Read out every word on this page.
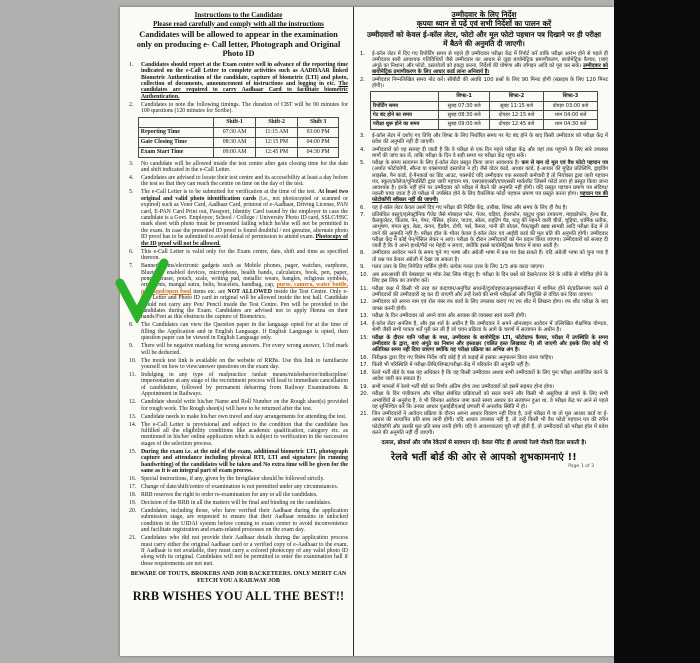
Instructions to the Candidate
Please read carefully and comply with all the instructions
Candidates will be allowed to appear in the examination only on producing e- Call letter, Photograph and Original Photo ID
1.	Candidates should report at the Exam centre well in advance of the reporting time indicated on the e-Call Letter to complete activities such as AADHAAR linked Biometric Authentication of the candidate, capture of biometric (LTI) and photo, collection of documents, announcement of instructions and logging in etc. The candidates are required to carry Aadhaar Card to facilitate biometric Authentication.
2.	Candidates to note the following timings. The duration of CBT will be 90 minutes for 100 questions (120 minutes for Scribe).
	Shift-1	Shift-2	Shift 3
Reporting Time	07:30 AM	11:15 AM	03:00 PM
Gate Closing Time	08:30 AM	12:15 PM	04:00 PM
Exam Start Time	09:00 AM	12:45 PM	04:30 PM
3.	No candidate will be allowed inside the test centre after gate closing time for the date and shift indicated in the e-Call Letter.
4.	Candidates are advised to locate their test centre and its accessibility at least a day before the test so that they can reach the centre on time on the day of the test.
5.	The e-Call Letter is to be submitted for verification at the time of the test. At least two original and valid photo identification cards (i.e., not photocopied or scanned or expired) such as Voter Card, Aadhaar Card, printout of e-Aadhaar, Driving License, PAN card, E-PAN Card Print out, Passport, Identity Card issued by the employer in case the candidate is a Govt. Employee, School / College / University Photo ID card, SSLC/HSC mark sheet with photo must be presented failing which he/she will not be permitted in the exam. In case the presented ID proof is found doubtful / not genuine, alternate photo ID proof has to be submitted to avoid denial of permission to attend exam. Photocopy of the ID proof will not be allowed.
6.	This e-Call Letter is valid only for the Exam centre, date, shift and time as specified thereon.
7.	Banned items/electronic gadgets such as Mobile phones, pager, watches, earphone, Bluetooth enabled devices, microphone, health bands, calculators, book, pen, paper, pencil, eraser, pouch, scale, writing pad, metallic wears, bangles, religious symbols, ornaments, mangal sutra, belts, bracelets, handbag, cap, purse, camera, water bottle, packaged/open food items etc. are NOT ALLOWED inside the Test Centre. Only e-Call Letter and Photo ID card in original will be allowed inside the test hall. Candidate should not carry any Pen/ Pencil inside the Test Centre. Pen will be provided to the candidates during the Exam. Candidates are advised not to apply Henna on their hands/Feet as this obstructs the capture of Biometrics.
8.	The Candidates can view the Question paper in the language opted for at the time of filling the Application and in English Language. If English Language is opted, then question paper can be viewed in English Language only.
9.	There will be negative marking for wrong answers. For every wrong answer, 1/3rd mark will be deducted.
10. The mock test link is available on the website of RRBs. Use this link to familiarize yourself on how to view/answer questions on the exam day.
11. Indulging in any type of malpractice /unfair means/misbehavior/indiscipline/ impersonation at any stage of the recruitment process will lead to immediate cancellation of candidature, followed by permanent debarring from Railway Examinations & Appointment in Railways.
12. Candidate should write his/her Name and Roll Number on the Rough sheet(s) provided for rough work. The Rough sheet(s) will have to be returned after the test.
13. Candidate needs to make his/her own travel and stay arrangements for attending the test.
14. The e-Call Letter is provisional and subject to the condition that the candidate has fulfilled all the eligibility conditions like academic qualification, category etc. as mentioned in his/her online application which is subject to verification in the successive stages of the selection process.
15. During the exam i.e. at the mid of the exam, additional biometric LTI, photograph capture and attendance including physical RTI, LTI and signature (in running handwriting) of the candidates will be taken and No extra time will be given for the same as it is an integral part of exam process.
16. Special instructions, if any, given by the Invigilator should be followed strictly.
17. Change of date/shift/centre of examination is not permitted under any circumstances.
18. RRB reserves the right to order re-examination for any or all the candidates.
19. Decision of the RRB in all the matters will be final and binding on the candidates.
20. Candidates, including those, who have verified their Aadhaar during the application submission stage, are requested to ensure that their Aadhaar remains in unlocked condition in the UIDAI system before coming to exam center to avoid inconvenience and facilitate registration and exam-related processes on the exam day.
21. Candidates who did not provide their Aadhaar details during the application process must carry either the original Aadhaar card or a verified copy of e-Aadhaar to the exam. If Aadhaar is not available, they must carry a colored photocopy of any valid photo ID along with its original. Candidates will not be permitted to enter the examination hall if these requirements are not met.
BEWARE OF TOUTS, BROKERS AND JOB RACKETEERS. ONLY MERIT CAN FETCH YOU A RAILWAY JOB
RRB WISHES YOU ALL THE BEST!!
उम्मीदवार के लिए निर्देश
कृपया ध्यान से पढ़ें एवं सभी निर्देशों का पालन करें
उम्मीदवारों को केवल ई-कॉल लेटर, फोटो और मूल फोटो पहचान पत्र दिखाने पर ही परीक्षा में बैठने की अनुमति दी जाएगी।
1.	ई-कॉल लेटर में दिए गए रिपोर्टिंग समय से पहले ही उम्मीदवार परीक्षा केंद्र में रिपोर्ट करें ताकि परीक्षा आरंभ होने से पहले ही उम्मीदवार सारी आवश्यक गतिविधियों जैसे उम्मीदवार का आधार से जुड़ा बायोमेट्रिक प्रमाणीकरण, बायोमेट्रिक कैप्चर, (बाएं अंगूठे का निशान) और फोटो, दस्तावेजों को इकट्ठा करना, निर्देशों की घोषणा और लॉगइन आदि को पूरा कर सकें। उम्मीदवार को बायोमेट्रिक प्रमाणीकरण के लिए आधार कार्ड लाना अनिवार्य है।
2.	उम्मीदवार निम्नलिखित समय नोट करें। सीबीटी की अवधि 100 प्रश्नों के लिए 90 मिनट होगी (स्क्राइब के लिए 120 मिनट होगी)।
	शिफ्ट-1	शिफ्ट-2	शिफ्ट-3
रिपोर्टिंग समय	सुबह 07:30 बजे	सुबह 11:15 बजे	दोपहर 03:00 बजे
गेट बंद होने का समय	सुबह 08:30 बजे	दोपहर 12:15 बजे	शाम 04:00 बजे
परीक्षा शुरू होने का समय	सुबह 09:00 बजे	दोपहर 12:45 बजे	शाम 04:30 बजे
3.	ई-कॉल लेटर में दर्शाए गए तिथि और शिफ्ट के लिए निर्धारित समय पर गेट बंद होने के बाद किसी उम्मीदवार को परीक्षा केंद्र में प्रवेश की अनुमति नहीं दी जाएगी।
4.	उम्मीदवारों को यह सलाह दी जाती है कि वे परीक्षा से एक दिन पहले परीक्षा केंद्र और वहां तक पहुंचने के लिए सारे उपलब्ध मार्गों की जांच कर लें, ताकि परीक्षा के दिन वे सही समय पर परीक्षा केंद्र पहुंच सकें।
5.	परीक्षा के समय सत्यापन के लिए ई-कॉल लेटर प्रस्तुत किया जाना आवश्यक है। कम से कम दो मूल एवं वैध फोटो पहचान पत्र (अर्थात फोटोकॉपी, स्कैन्ड या एक्सपायर्ड दस्तावेज न हों) जैसे वोटर कार्ड, आधार कार्ड, ई-आधार की मुद्रित प्रतिलिपि, ड्राइविंग लाइसेंस, पैन कार्ड, ई-पैनकार्ड का प्रिंट आउट, पासपोर्ट यदि उम्मीदवार एक सरकारी कर्मचारी है तो नियोक्ता द्वारा जारी पहचान पत्र, स्कूल/कॉलेज/यूनिवर्सिटी द्वारा जारी पहचान पत्र, एसएसएलसी/एचएससी मार्कशीट जिसमें फोटो लगा हो प्रस्तुत किया जाना आवश्यक है। इनके नहीं होने पर उम्मीदवार को परीक्षा में बैठने की अनुमति नहीं होगी। यदि प्रस्तुत पहचान प्रमाण पत्र संदिग्ध/नकली पाया जाता है तो परीक्षा में उपस्थित होने के लिए वैकल्पिक फोटो पहचान प्रमाण पत्र प्रस्तुत करना होगा। पहचान पत्र की फोटोकॉपी स्वीकार नहीं की जाएगी।
6.	यह ई-कॉल लेटर केवल उसमें दिए गए परीक्षा की निर्दिष्ट केंद्र, तारीख, शिफ्ट और समय के लिए ही वैध है।
7.	प्रतिबंधित वस्तुएं/इलेक्ट्रॉनिक गैजेट जैसे मोबाइल फोन, पेजर, घड़ियां, ईयरफोन, ब्लूटूथ युक्त उपकरण, माइक्रोफोन, हेल्थ बैंड, कैलकुलेटर, किताब, पेन, पेपर, पेंसिल, इरेजर, पाउच, स्केल, राइटिंग पैड, धातु की पहनने वाली चीजें, चूड़ियां, धार्मिक प्रतीक, आभूषण, मंगल सूत्र, बेल्ट, कंगन, हैंडबैग, टोपी, पर्स, कैमरा, पानी की बोतल, पैक/खुली खाद्य सामग्री आदि परीक्षा केंद्र में ले जाने की अनुमति नहीं है। परीक्षा हॉल के भीतर केवल ई-कॉल लेटर एवं आईडी कार्ड की मूल प्रति की अनुमति होगी। उम्मीदवार परीक्षा केंद्र में कोई पेन/पेंसिल लेकर न आएं। परीक्षा के दौरान उम्मीदवारों को पेन प्रदान किया जाएगा। उम्मीदवारों को सलाह दी जाती है कि वे अपने हाथों/पैरों पर मेहंदी न लगाएं, क्योंकि इससे बायोमेट्रिक्स कैप्चर में बाधा आती है।
8.	उम्मीदवार आवेदन भरने के समय चुने गए भाषा और अंग्रेजी भाषा में प्रश्न पत्र देख सकते हैं। यदि अंग्रेजी भाषा को चुना गया है तो प्रश्न पत्र केवल अंग्रेजी में देखा जा सकता है।
9.	गलत उत्तर के लिए निगेटिव मार्किंग होगी। प्रत्येक गलत उत्तर के लिए 1/3 अंक काटा जाएगा।
10. अब आरआरबी की वेबसाइट पर मॉक टेस्ट लिंक मौजूद है। परीक्षा के दिन प्रश्नों को देखने/उत्तर देने के तरीके से परिचित होने के लिए इस लिंक का उपयोग करें।
11. परीक्षा कक्ष में किसी भी तरह का कदाचार/अनुचित साधनों/दुर्व्यवहार/अनुशासनहीनता में शामिल होने से/प्रतिरूपण करने से उम्मीदवारों की उम्मीदवारी रद्द कर दी जाएगी और उन्हें रेलवे की सभी परीक्षाओं और नियुक्ति से वंचित कर दिया जाएगा।
12. उम्मीदवार को अपना नाम एवं रोल नंबर रफ कार्य के लिए उपलब्ध कराए गए रफ शीट में लिखना होगा। रफ शीट परीक्षा के बाद वापस करनी होगी।
13. परीक्षा के दिन उम्मीदवार को अपने यात्रा और आवास की व्यवस्था स्वयं करनी होगी।
14. ई-कॉल लेटर अनंतिम है, और इस शर्त के अधीन है कि उम्मीदवार ने अपने ऑनलाइन आवेदन में उल्लिखित शैक्षणिक योग्यता, श्रेणी जैसी सभी पात्रता शर्तें पूरी कर ली हैं जो चयन प्रक्रिया के आगे के चरणों में सत्यापन के अधीन है।
15. परीक्षा के दौरान यानि परीक्षा के मध्य, उम्मीदवार के बायोमेट्रिक LTI, फोटोग्राफ कैप्चर, परीक्षा में उपस्थिति के समय उम्मीदवार के द्वारा, बाएं अंगूठे का निशान और हस्ताक्षर (चलित हस्त लिखावट में) ली जाएगी और इसके लिए कोई भी अतिरिक्त समय नहीं दिया जाएगा क्योंकि यह परीक्षा प्रक्रिया का अभिन्न अंग है।
16. निरीक्षक द्वारा दिए गए विशेष निर्देश यदि कोई है तो कड़ाई से इसका अनुपालन किया जाना चाहिए।
17. किसी भी परिस्थिति में परीक्षा-तिथि/शिफ्ट/परीक्षा-केंद्र में परिवर्तन की अनुमति नहीं है।
18. रेलवे भर्ती बोर्ड के पास यह अधिकार है कि वह किसी उम्मीदवार अथवा सभी उम्मीदवारों के लिए पुनः परीक्षा आयोजित करने के आदेश जारी कर सकता है।
19. सभी मामलों में रेलवे भर्ती बोर्ड का निर्णय अंतिम होगा तथा उम्मीदवारों को इसमें सहमत होना होगा।
20. परीक्षा के दिन पंजीकरण और परीक्षा संबंधित प्रक्रियाओं को सरल बनाने और किसी भी असुविधा से बचने के लिए सभी अभ्यर्थियों से अनुरोध है, वे भी जिनका आवेदन जमा करते समय आधार का सत्यापन हुआ था, वे परीक्षा केंद्र पर आने से पहले यह सुनिश्चित करें कि उनका आधार यूआईडीएआई प्रणाली में अनलॉक स्थिति में हो।
21. जिन उम्मीदवारों ने आवेदन प्रक्रिया के दौरान अपना आधार विवरण नहीं दिया है, उन्हें परीक्षा में या तो मूल आधार कार्ड या ई-आधार की सत्यापित प्रति साथ लानी होगी। यदि आधार उपलब्ध नहीं है, तो उन्हें किसी भी वैध फोटो पहचान पत्र की रंगीन फोटोकॉपी और उसकी मूल प्रति साथ लानी होगी। यदि ये आवश्यकताएं पूरी नहीं होती हैं, तो उम्मीदवारों को परीक्षा हॉल में प्रवेश करने की अनुमति नहीं दी जाएगी।
दलाल, ब्रोकर्स और जॉब रेकेटर्स से सावधान रहें। केवल मेरिट ही आपको रेलवे नौकरी दिला सकती है।
रेलवे भर्ती बोर्ड की ओर से आपको शुभकामनाएं !!
Page 1 of 3
